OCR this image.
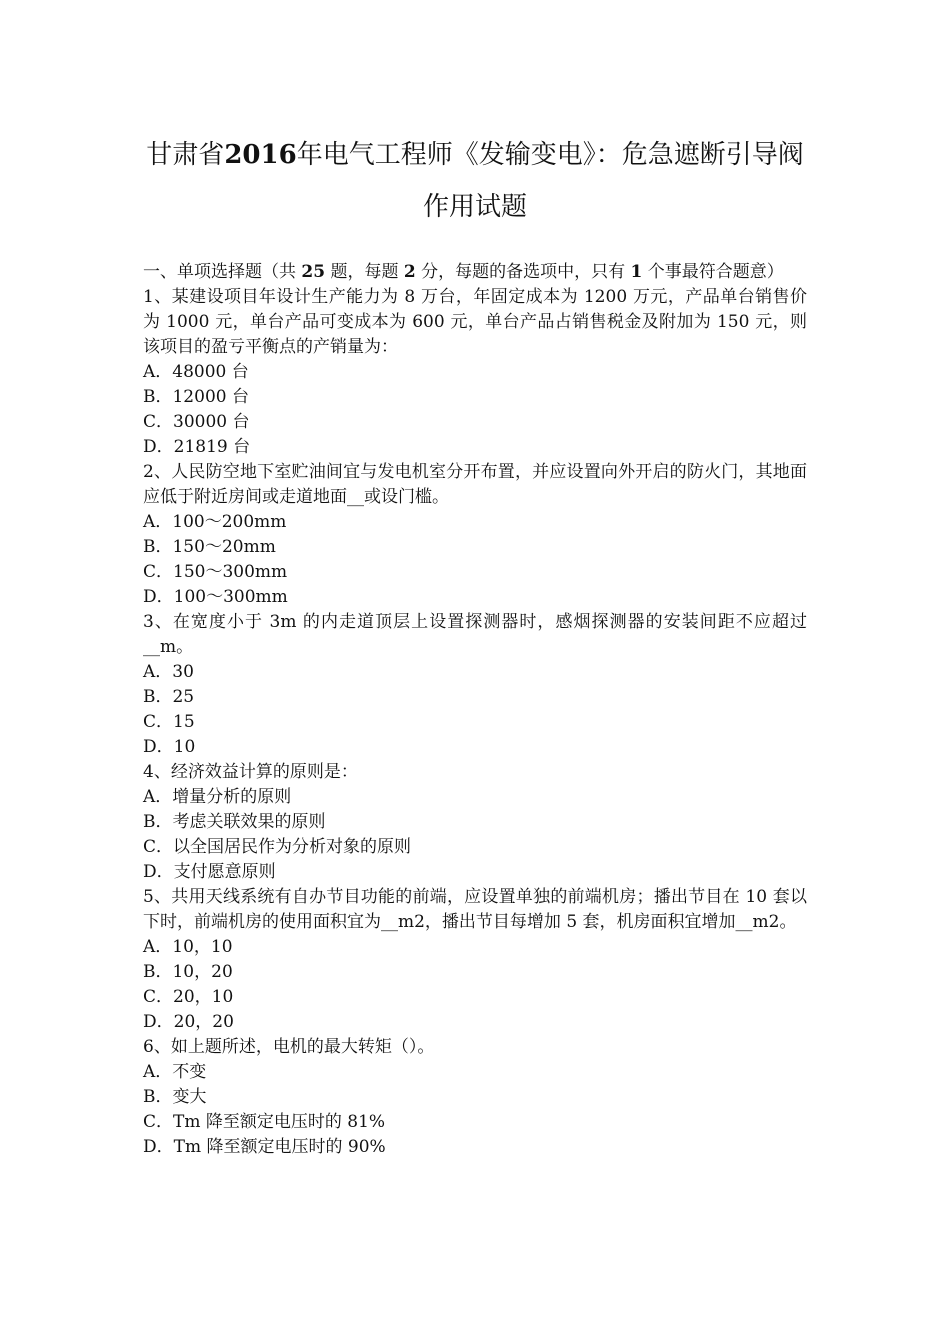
甘肃省2016年电气工程师《发输变电》：危急遮断引导阀
作用试题

一、单项选择题（共 25 题，每题 2 分，每题的备选项中，只有 1 个事最符合题意）

1、某建设项目年设计生产能力为 8 万台，年固定成本为 1200 万元，产品单台销售价为 1000 元，单台产品可变成本为 600 元，单台产品占销售税金及附加为 150 元，则该项目的盈亏平衡点的产销量为：

A．48000 台
B．12000 台
C．30000 台
D．21819 台

2、人民防空地下室贮油间宜与发电机室分开布置，并应设置向外开启的防火门，其地面应低于附近房间或走道地面__或设门槛。

A．100～200mm
B．150～20mm
C．150～300mm
D．100～300mm

3、在宽度小于 3m 的内走道顶层上设置探测器时，感烟探测器的安装间距不应超过__m。

A．30
B．25
C．15
D．10

4、经济效益计算的原则是：

A．增量分析的原则
B．考虑关联效果的原则
C．以全国居民作为分析对象的原则
D．支付愿意原则

5、共用天线系统有自办节目功能的前端，应设置单独的前端机房；播出节目在 10 套以下时，前端机房的使用面积宜为__m2，播出节目每增加 5 套，机房面积宜增加__m2。

A．10，10
B．10，20
C．20，10
D．20，20

6、如上题所述，电机的最大转矩（）。

A．不变
B．变大
C．Tm 降至额定电压时的 81%
D．Tm 降至额定电压时的 90%
